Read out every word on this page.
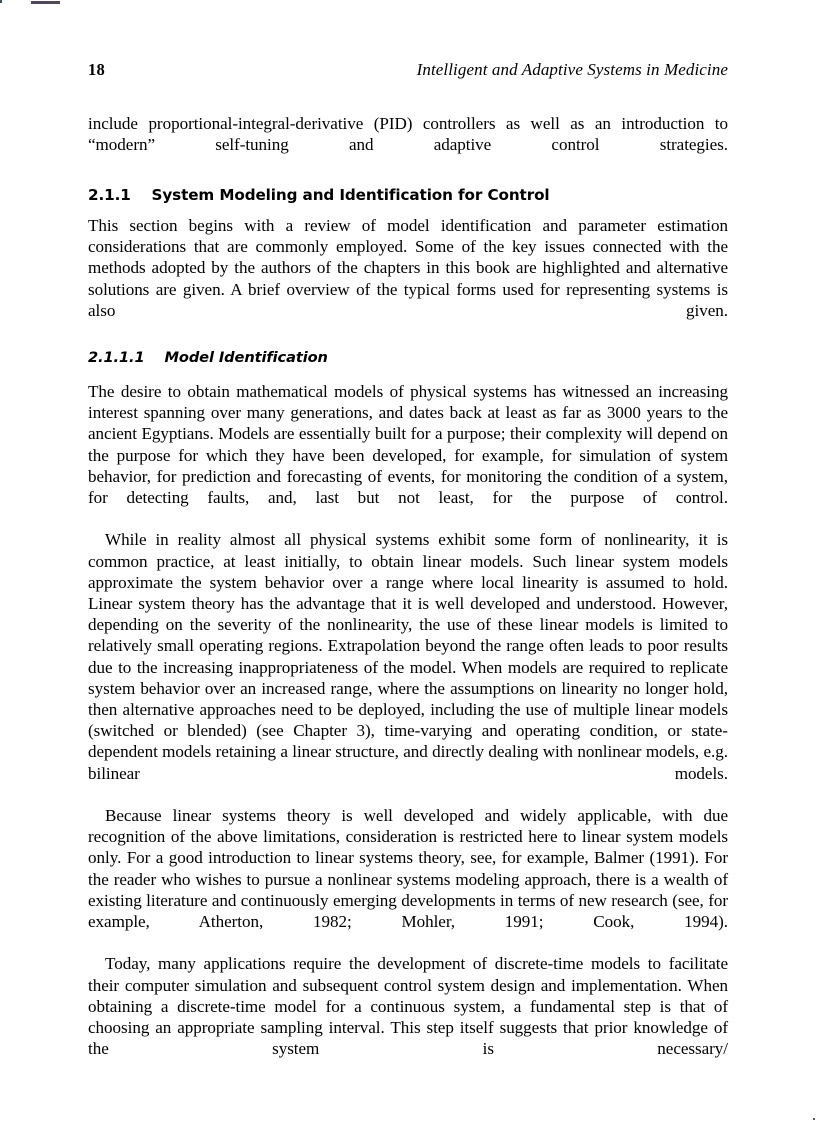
18	Intelligent and Adaptive Systems in Medicine

include proportional-integral-derivative (PID) controllers as well as an introduction to “modern” self-tuning and adaptive control strategies.

2.1.1    System Modeling and Identification for Control

This section begins with a review of model identification and parameter estimation considerations that are commonly employed. Some of the key issues connected with the methods adopted by the authors of the chapters in this book are highlighted and alternative solutions are given. A brief overview of the typical forms used for representing systems is also given.

2.1.1.1    Model Identification

The desire to obtain mathematical models of physical systems has witnessed an increasing interest spanning over many generations, and dates back at least as far as 3000 years to the ancient Egyptians. Models are essentially built for a purpose; their complexity will depend on the purpose for which they have been developed, for example, for simulation of system behavior, for prediction and forecasting of events, for monitoring the condition of a system, for detecting faults, and, last but not least, for the purpose of control.

While in reality almost all physical systems exhibit some form of nonlinearity, it is common practice, at least initially, to obtain linear models. Such linear system models approximate the system behavior over a range where local linearity is assumed to hold. Linear system theory has the advantage that it is well developed and understood. However, depending on the severity of the nonlinearity, the use of these linear models is limited to relatively small operating regions. Extrapolation beyond the range often leads to poor results due to the increasing inappropriateness of the model. When models are required to replicate system behavior over an increased range, where the assumptions on linearity no longer hold, then alternative approaches need to be deployed, including the use of multiple linear models (switched or blended) (see Chapter 3), time-varying and operating condition, or statedependent models retaining a linear structure, and directly dealing with nonlinear models, e.g. bilinear models.

Because linear systems theory is well developed and widely applicable, with due recognition of the above limitations, consideration is restricted here to linear system models only. For a good introduction to linear systems theory, see, for example, Balmer (1991). For the reader who wishes to pursue a nonlinear systems modeling approach, there is a wealth of existing literature and continuously emerging developments in terms of new research (see, for example, Atherton, 1982; Mohler, 1991; Cook, 1994).

Today, many applications require the development of discrete-time models to facilitate their computer simulation and subsequent control system design and implementation. When obtaining a discrete-time model for a continuous system, a fundamental step is that of choosing an appropriate sampling interval. This step itself suggests that prior knowledge of the system is necessary/
